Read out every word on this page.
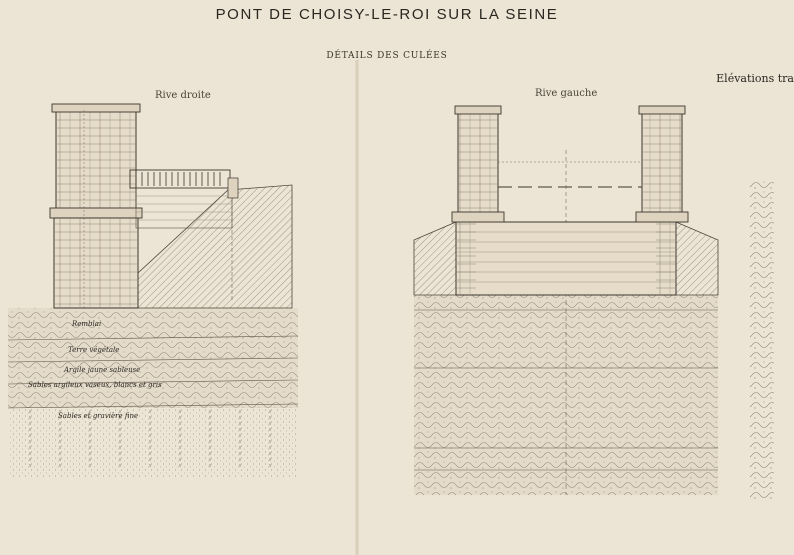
PONT DE CHOISY-LE-ROI SUR LA SEINE
DÉTAILS DES CULÉES
Elévations tra
Rive droite	Rive gauche
Remblai
Terre végétale
Argile jaune sableuse
Sables argileux vaseux, blancs et gris
Sables et gravière fine
